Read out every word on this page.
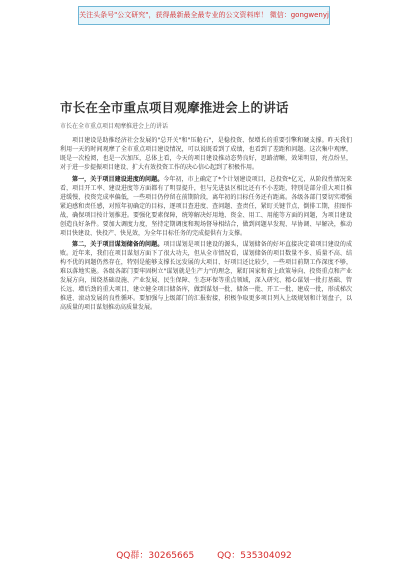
关注头条号"公文研究"，获得最新最全最专业的公文资料库！ 微信：gongwenyj
市长在全市重点项目观摩推进会上的讲话
市长在全市重点项目观摩推进会上的讲话

项目建设是助推经济社会发展的"总开关"和"压舱石"，是稳投资、保增长的重要引擎和硬支撑。昨天我们利用一天的时间观摩了全市重点项目建设情况，可以说既看到了成绩，也看到了差距和问题。这次集中观摩，既是一次检阅，也是一次加压，总体上看，今天的项目建设推动态势良好，思路清晰，效果明显，亮点纷呈，对于进一步提振项目建设、扩大有效投资工作的决心信心起到了积极作用。

第一，关于项目建设进度的问题。今年初，市上确定了*个计划建设项目，总投资*亿元，从阶段性情况来看，项目开工率、建设进度等方面都有了明显提升，但与先进县区相比还有不小差距，特别是部分重大项目推进缓慢，投资完成率偏低，一些项目仍停留在前期阶段，离年初的目标任务还有距离。各级各部门要切实增强紧迫感和责任感，对照年初确定的目标，逐项目查进度、查问题、查责任，紧盯关键节点，倒排工期，挂图作战，确保项目按计划推进。要强化要素保障，统筹解决好用地、资金、用工、用能等方面的问题，为项目建设创造良好条件。要加大调度力度，坚持定期调度和现场督导相结合，做到问题早发现、早协调、早解决，推动项目快建设、快投产、快见效，为全年目标任务的完成提供有力支撑。

第二，关于项目谋划储备的问题。项目谋划是项目建设的源头，谋划储备的好坏直接决定着项目建设的成败。近年来，我们在项目谋划方面下了很大功夫，但从全市情况看，谋划储备的项目数量不多、质量不高、结构不优的问题仍然存在，特别是能够支撑长远发展的大项目、好项目还比较少，一些项目前期工作深度不够，难以落地实施。各级各部门要牢固树立"谋划就是生产力"的理念，紧盯国家和省上政策导向、投资重点和产业发展方向，围绕基础设施、产业发展、民生保障、生态环保等重点领域，深入研究、精心谋划一批打基础、管长远、增后劲的重大项目，建立健全项目储备库，做到谋划一批、储备一批、开工一批、建成一批，形成梯次推进、滚动发展的良性循环。要加强与上级部门的汇报衔接，积极争取更多项目列入上级规划和计划盘子，以高质量的项目谋划推动高质量发展。

QQ群：30265665	QQ：535304092
